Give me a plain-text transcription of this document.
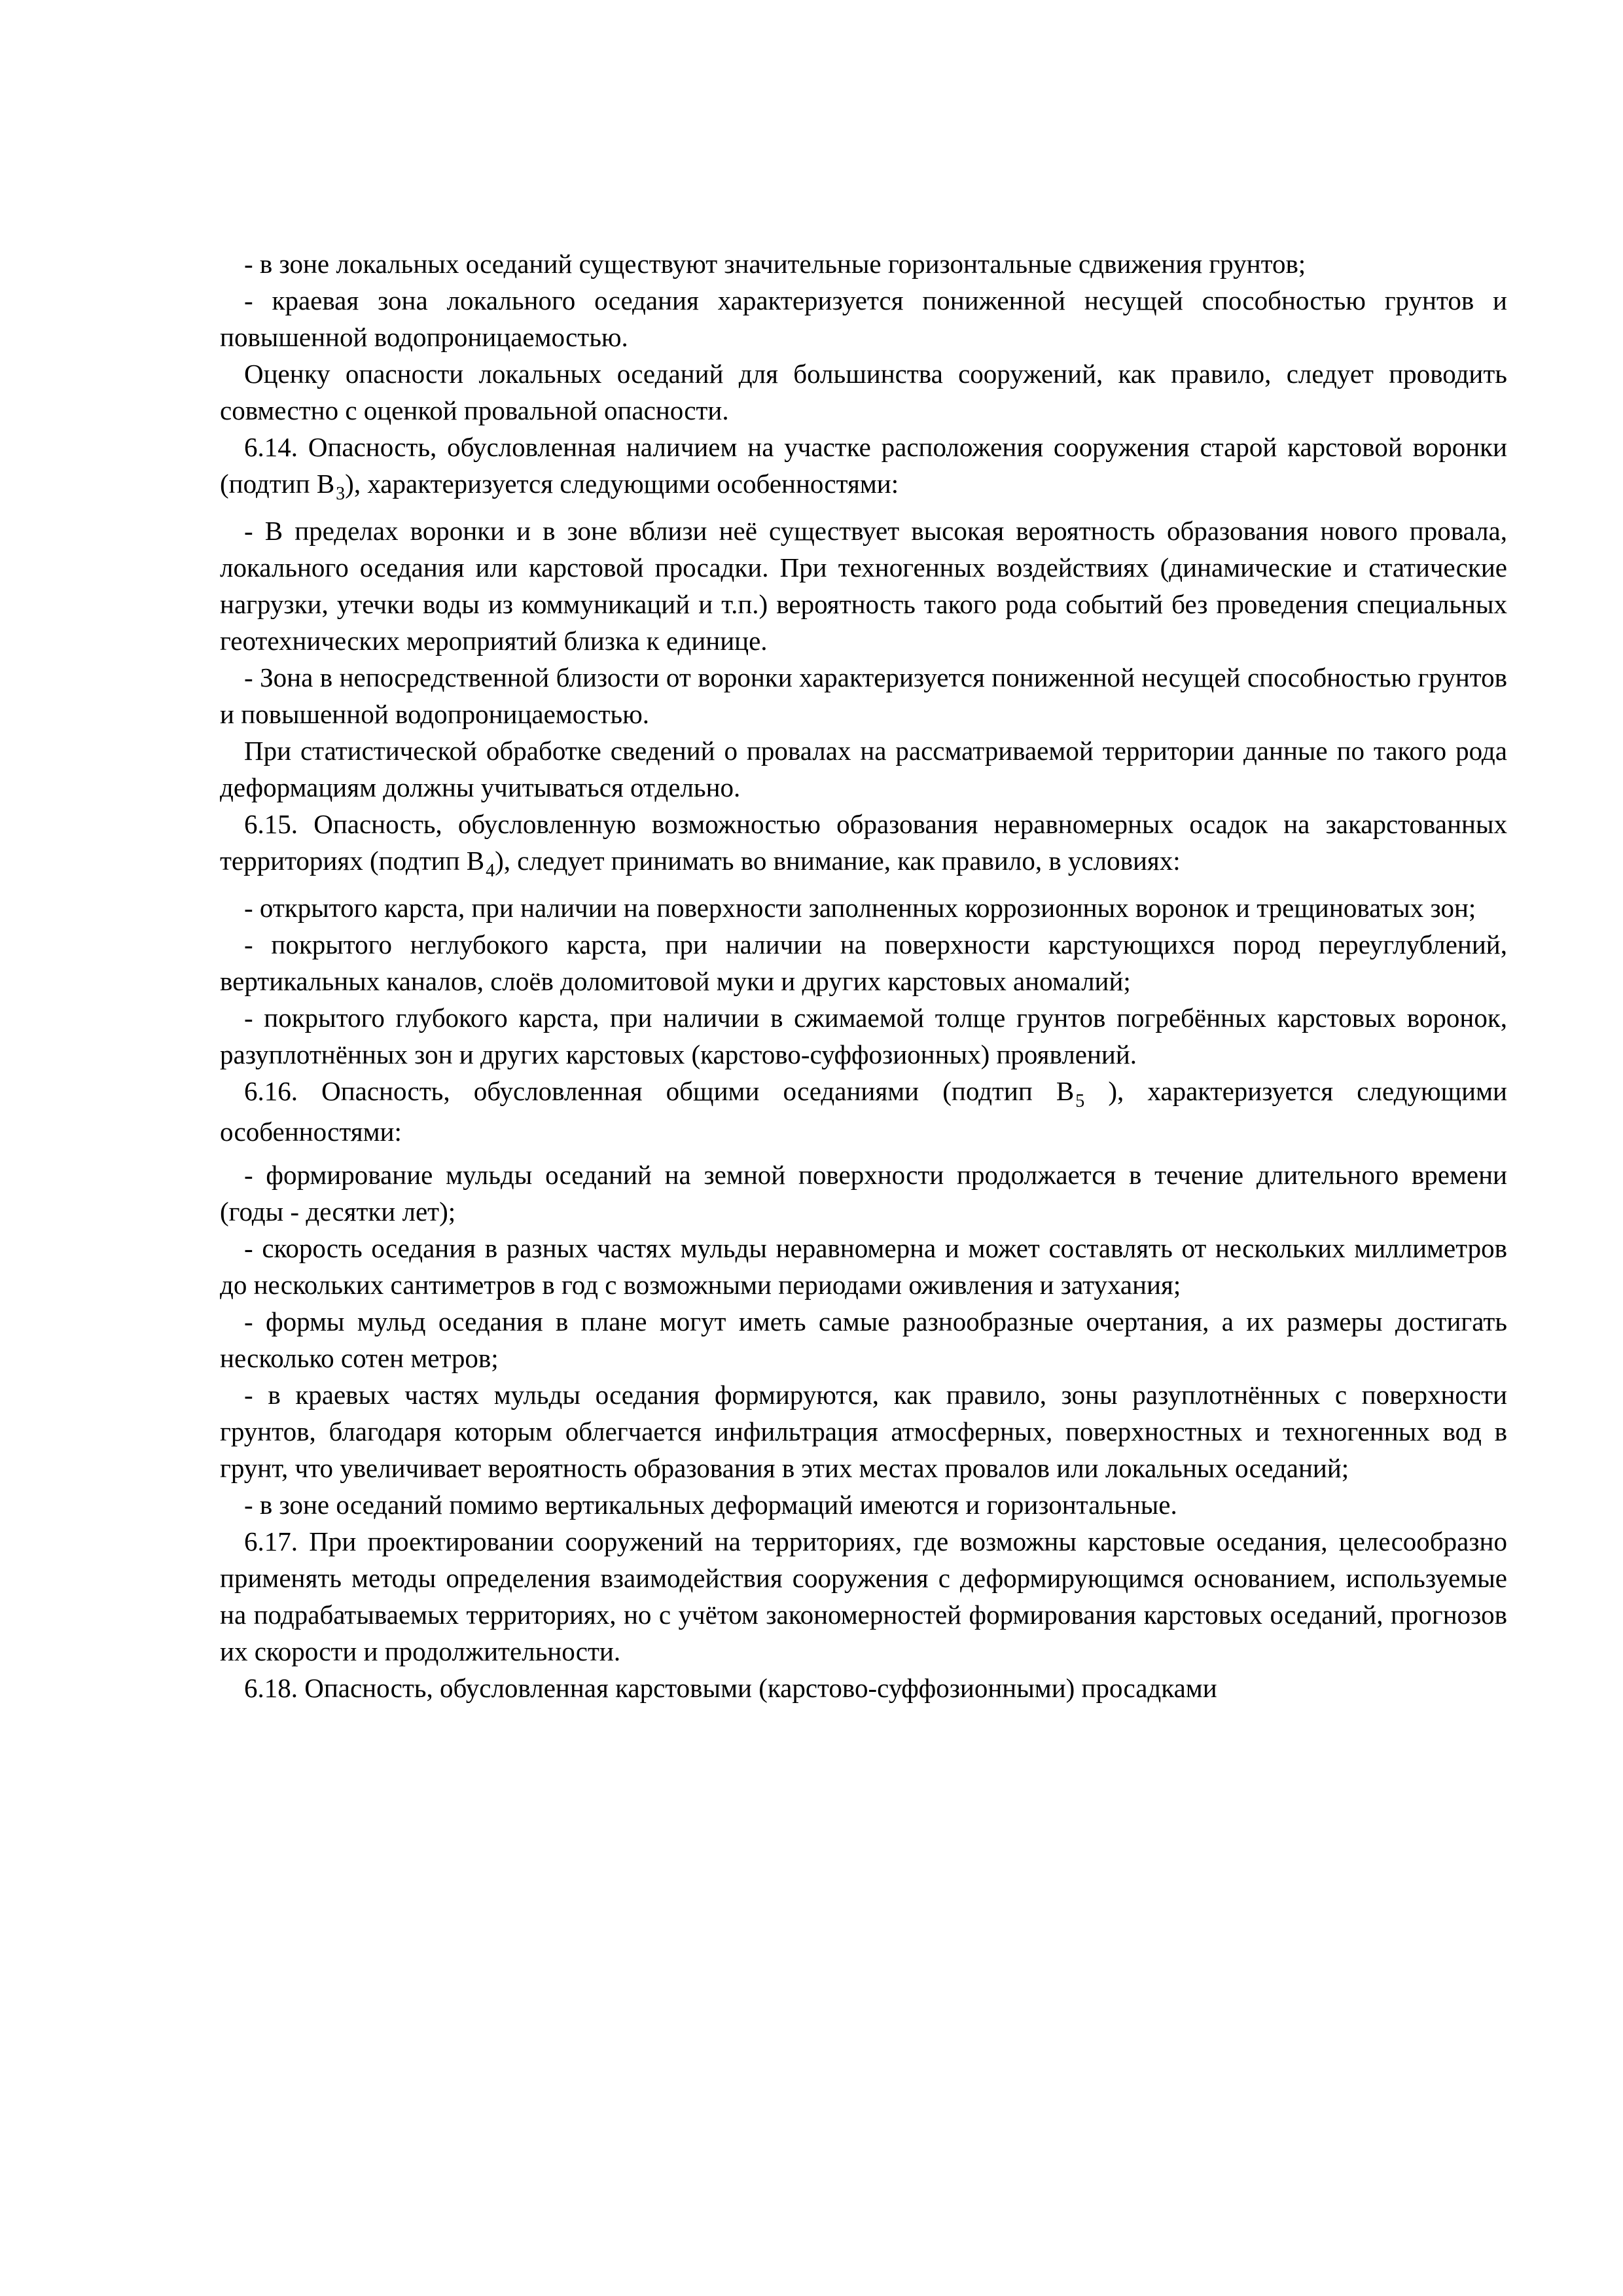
- в зоне локальных оседаний существуют значительные горизонтальные сдвижения грунтов;

- краевая зона локального оседания характеризуется пониженной несущей способностью грунтов и повышенной водопроницаемостью.

Оценку опасности локальных оседаний для большинства сооружений, как правило, следует проводить совместно с оценкой провальной опасности.

6.14. Опасность, обусловленная наличием на участке расположения сооружения старой карстовой воронки (подтип $B_3$), характеризуется следующими особенностями:

- В пределах воронки и в зоне вблизи неё существует высокая вероятность образования нового провала, локального оседания или карстовой просадки. При техногенных воздействиях (динамические и статические нагрузки, утечки воды из коммуникаций и т.п.) вероятность такого рода событий без проведения специальных геотехнических мероприятий близка к единице.

- Зона в непосредственной близости от воронки характеризуется пониженной несущей способностью грунтов и повышенной водопроницаемостью.

При статистической обработке сведений о провалах на рассматриваемой территории данные по такого рода деформациям должны учитываться отдельно.

6.15. Опасность, обусловленную возможностью образования неравномерных осадок на закарстованных территориях (подтип $B_4$), следует принимать во внимание, как правило, в условиях:

- открытого карста, при наличии на поверхности заполненных коррозионных воронок и трещиноватых зон;

- покрытого неглубокого карста, при наличии на поверхности карстующихся пород переуглублений, вертикальных каналов, слоёв доломитовой муки и других карстовых аномалий;

- покрытого глубокого карста, при наличии в сжимаемой толще грунтов погребённых карстовых воронок, разуплотнённых зон и других карстовых (карстово-суффозионных) проявлений.

6.16. Опасность, обусловленная общими оседаниями (подтип $B_5$ ), характеризуется следующими особенностями:

- формирование мульды оседаний на земной поверхности продолжается в течение длительного времени (годы - десятки лет);

- скорость оседания в разных частях мульды неравномерна и может составлять от нескольких миллиметров до нескольких сантиметров в год с возможными периодами оживления и затухания;

- формы мульд оседания в плане могут иметь самые разнообразные очертания, а их размеры достигать несколько сотен метров;

- в краевых частях мульды оседания формируются, как правило, зоны разуплотнённых с поверхности грунтов, благодаря которым облегчается инфильтрация атмосферных, поверхностных и техногенных вод в грунт, что увеличивает вероятность образования в этих местах провалов или локальных оседаний;

- в зоне оседаний помимо вертикальных деформаций имеются и горизонтальные.

6.17. При проектировании сооружений на территориях, где возможны карстовые оседания, целесообразно применять методы определения взаимодействия сооружения с деформирующимся основанием, используемые на подрабатываемых территориях, но с учётом закономерностей формирования карстовых оседаний, прогнозов их скорости и продолжительности.

6.18. Опасность, обусловленная карстовыми (карстово-суффозионными) просадками
